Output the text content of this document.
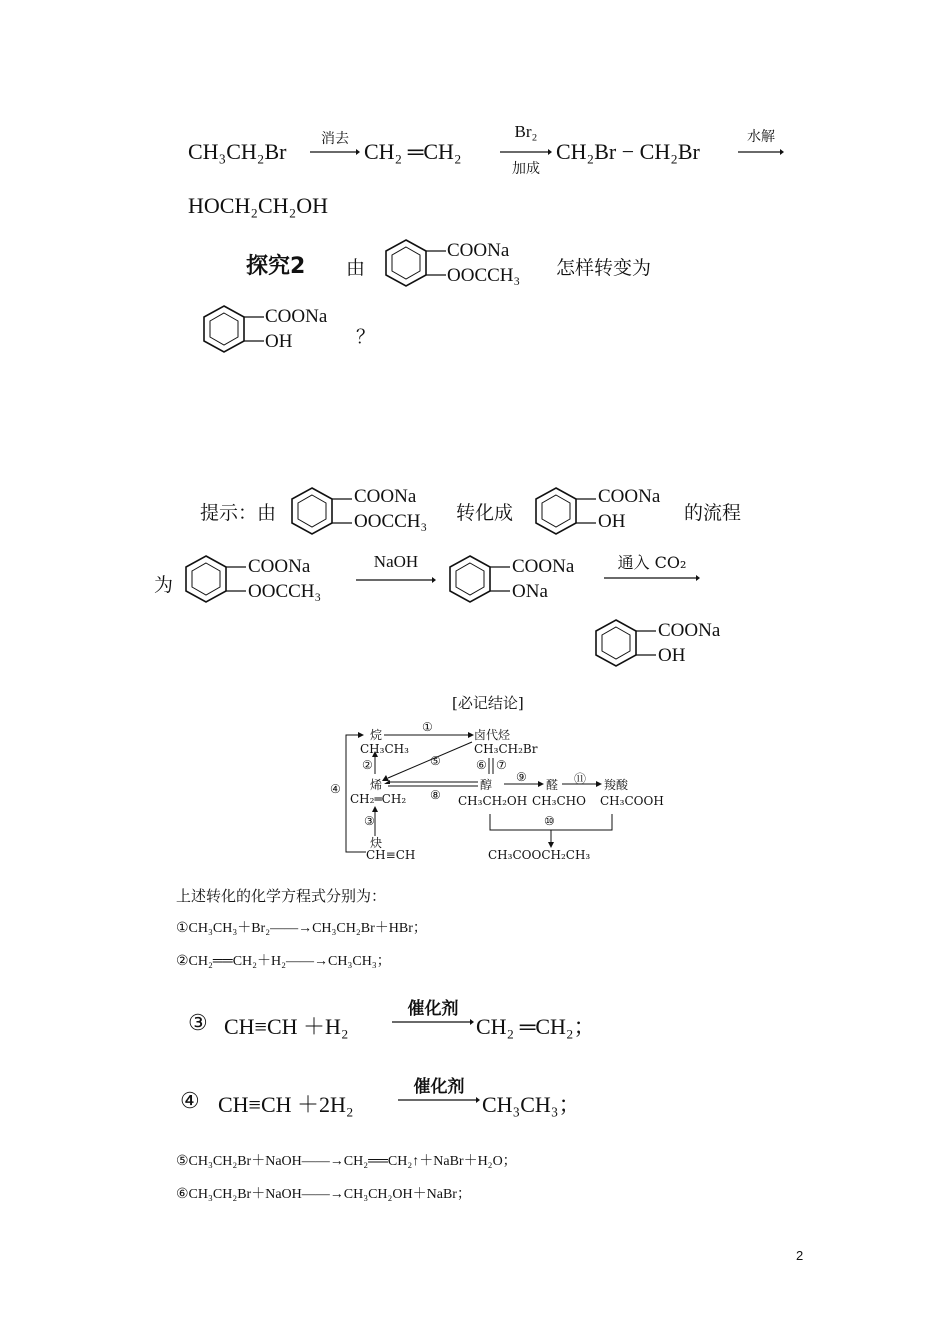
CH₃CH₂Br	消去 CH₂ ═CH₂
Br₂
加成
CH₂Br − CH₂Br
水解
HOCH₂CH₂OH
探究2 由
COONa
OOCCH₃ 怎样转变为
COONa
OH	？
提示：由
COONa
OOCCH₃ 转化成
COONa
OH	的流程
为
COONa
OOCCH₃
NaOH	COONa
ONa
通入 CO₂
COONa
OH
[必记结论]
烷
CH₃CH₃
卤代烃
CH₃CH₂Br
烯
CH₂═CH₂
醇
CH₃CH₂OH
醛
CH₃CHO
羧酸
CH₃COOH
炔
CH≡CH	CH₃COOCH₂CH₃
①
②
③
④
⑤	⑥ ⑦
⑧
⑨
⑩
⑪
上述转化的化学方程式分别为：
①CH₃CH₃＋Br₂——→CH₃CH₂Br＋HBr；
②CH₂══CH₂＋H₂——→CH₃CH₃；
③ CH≡CH ＋H₂
催化剂
CH₂ ═CH₂；
④ CH≡CH ＋2H₂
催化剂
CH₃CH₃；
⑤CH₃CH₂Br＋NaOH——→CH₂══CH₂↑＋NaBr＋H₂O；
⑥CH₃CH₂Br＋NaOH——→CH₃CH₂OH＋NaBr；
2
